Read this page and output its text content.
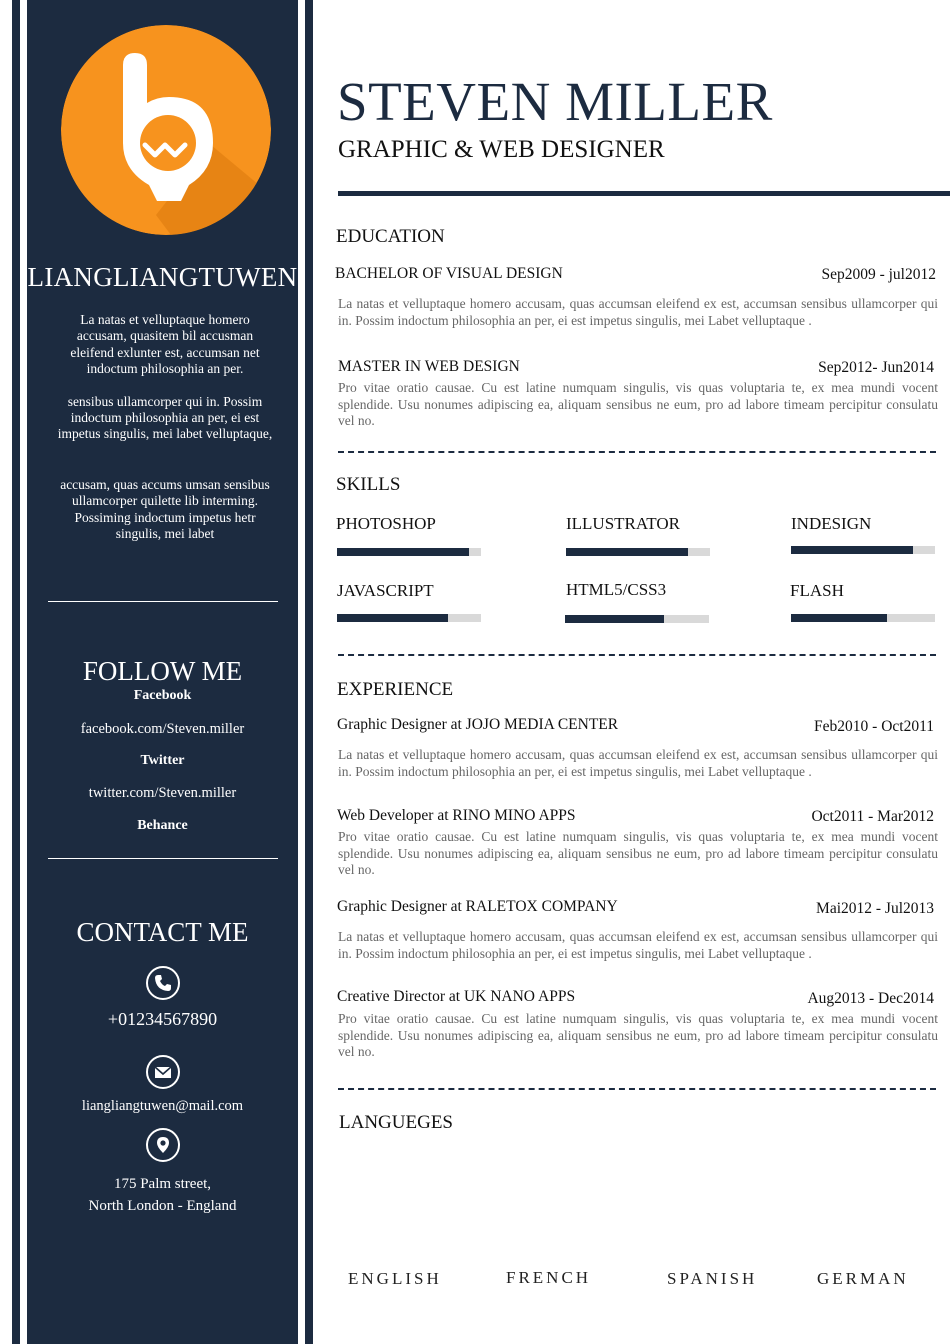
LIANGLIANGTUWEN

La natas et velluptaque homero accusam, quasitem bil accusman eleifend exlunter est, accumsan net indoctum philosophia an per.

sensibus ullamcorper qui in. Possim indoctum philosophia an per, ei est impetus singulis, mei labet velluptaque,

accusam, quas accums umsan sensibus ullamcorper quilette lib interming. Possiming indoctum impetus hetr singulis, mei labet

FOLLOW ME
Facebook
facebook.com/Steven.miller
Twitter
twitter.com/Steven.miller
Behance
CONTACT ME
+01234567890
liangliangtuwen@mail.com
175 Palm street,
North London - England
STEVEN MILLER
GRAPHIC & WEB DESIGNER
EDUCATION
BACHELOR OF VISUAL DESIGN	Sep2009 - jul2012
La natas et velluptaque homero accusam, quas accumsan eleifend ex est, accumsan sensibus ullamcorper qui in. Possim indoctum philosophia an per, ei est impetus singulis, mei Labet velluptaque .
MASTER IN WEB DESIGN	Sep2012- Jun2014
Pro vitae oratio causae. Cu est latine numquam singulis, vis quas voluptaria te, ex mea mundi vocent splendide. Usu nonumes adipiscing ea, aliquam sensibus ne eum, pro ad labore timeam percipitur consulatu vel no.
SKILLS
PHOTOSHOP	ILLUSTRATOR	INDESIGN
JAVASCRIPT	HTML5/CSS3	FLASH
EXPERIENCE
Graphic Designer at JOJO MEDIA CENTER	Feb2010 - Oct2011
La natas et velluptaque homero accusam, quas accumsan eleifend ex est, accumsan sensibus ullamcorper qui in. Possim indoctum philosophia an per, ei est impetus singulis, mei Labet velluptaque .
Web Developer at RINO MINO APPS	Oct2011 - Mar2012
Pro vitae oratio causae. Cu est latine numquam singulis, vis quas voluptaria te, ex mea mundi vocent splendide. Usu nonumes adipiscing ea, aliquam sensibus ne eum, pro ad labore timeam percipitur consulatu vel no.
Graphic Designer at RALETOX COMPANY	Mai2012 - Jul2013
La natas et velluptaque homero accusam, quas accumsan eleifend ex est, accumsan sensibus ullamcorper qui in. Possim indoctum philosophia an per, ei est impetus singulis, mei Labet velluptaque .
Creative Director at UK NANO APPS	Aug2013 - Dec2014
Pro vitae oratio causae. Cu est latine numquam singulis, vis quas voluptaria te, ex mea mundi vocent splendide. Usu nonumes adipiscing ea, aliquam sensibus ne eum, pro ad labore timeam percipitur consulatu vel no.
LANGUEGES
ENGLISH	FRENCH	SPANISH	GERMAN
